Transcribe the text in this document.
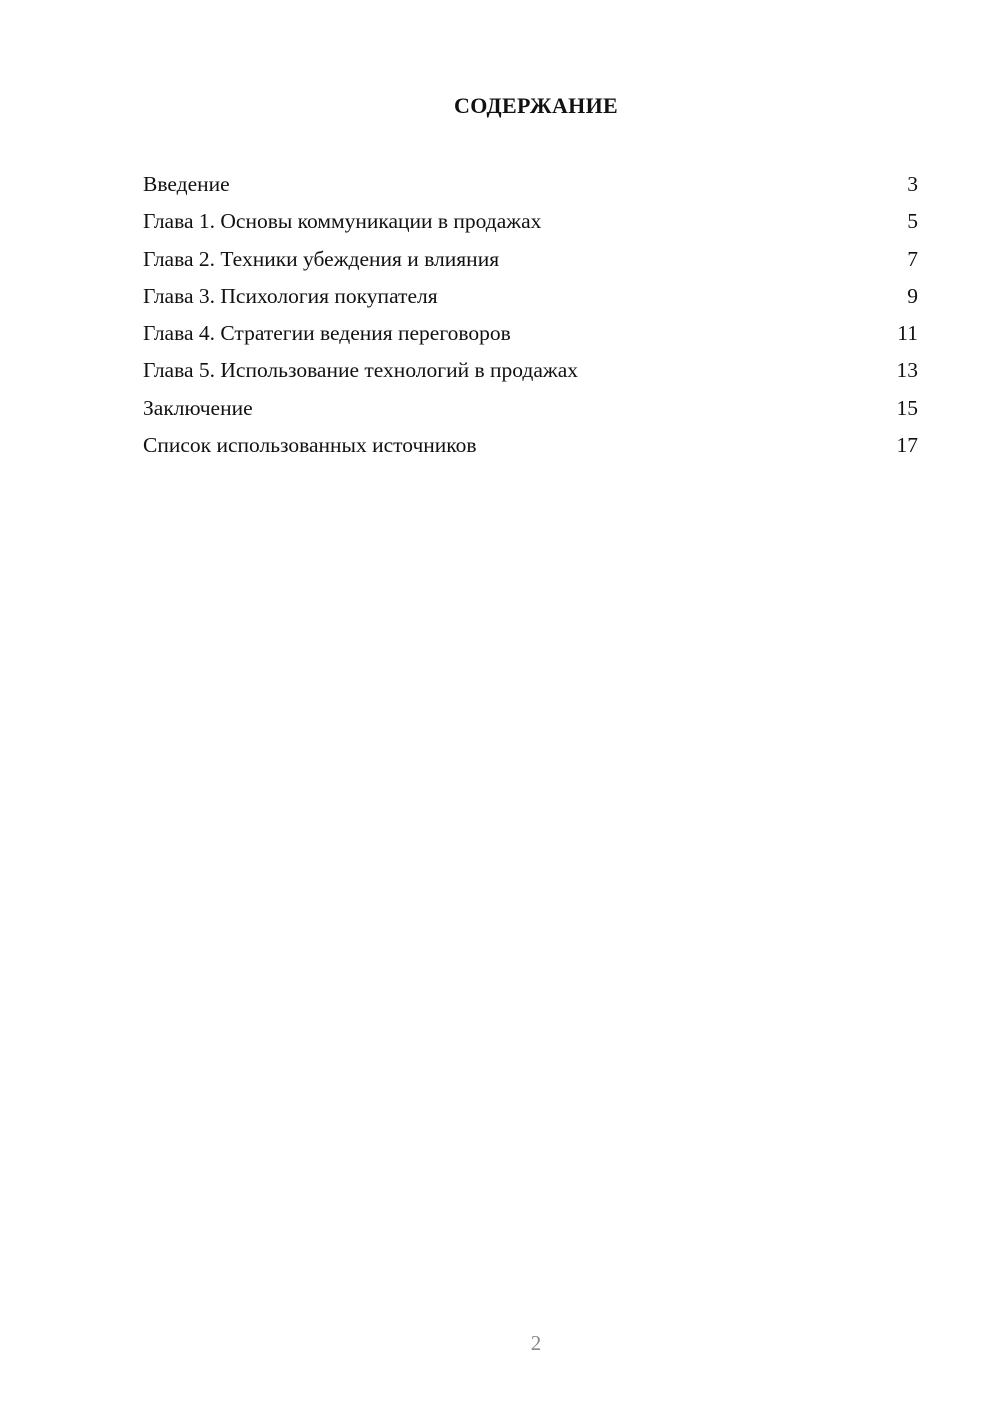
СОДЕРЖАНИЕ
Введение	3
Глава 1. Основы коммуникации в продажах	5
Глава 2. Техники убеждения и влияния	7
Глава 3. Психология покупателя	9
Глава 4. Стратегии ведения переговоров	11
Глава 5. Использование технологий в продажах	13
Заключение	15
Список использованных источников	17
2
